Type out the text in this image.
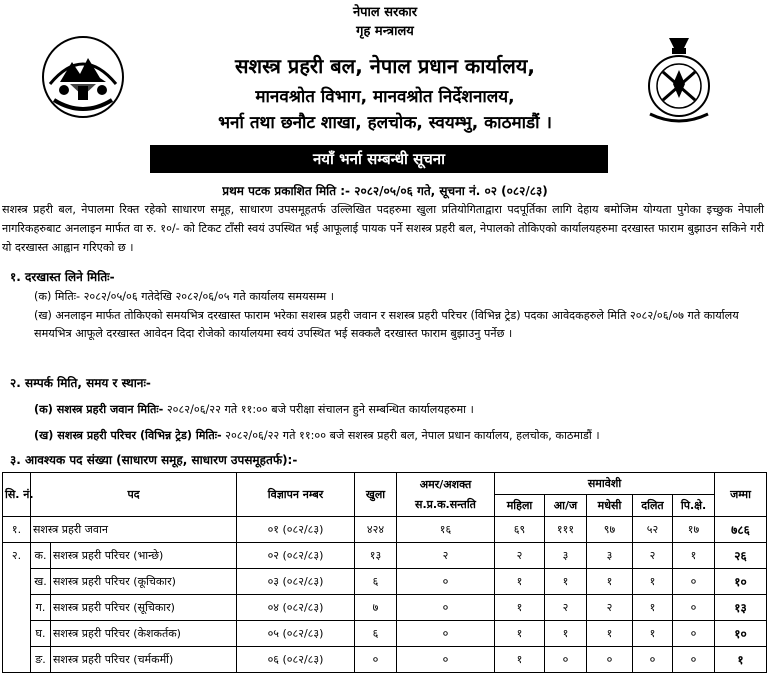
नेपाल सरकार
गृह मन्त्रालय
सशस्त्र प्रहरी बल, नेपाल प्रधान कार्यालय,
मानवश्रोत विभाग, मानवश्रोत निर्देशनालय,
भर्ना तथा छनौट शाखा, हलचोक, स्वयम्भु, काठमाडौं ।
नयाँ भर्ना सम्बन्धी सूचना
प्रथम पटक प्रकाशित मिति :- २०८२/०५/०६ गते, सूचना नं. ०२ (०८२/८३)
सशस्त्र प्रहरी बल, नेपालमा रिक्त रहेको साधारण समूह, साधारण उपसमूहतर्फ उल्लिखित पदहरुमा खुला प्रतियोगिताद्वारा पदपूर्तिका लागि देहाय बमोजिम योग्यता पुगेका इच्छुक नेपाली नागरिकहरुबाट अनलाइन मार्फत वा रु. १०/- को टिकट टाँसी स्वयं उपस्थित भई आफूलाई पायक पर्ने सशस्त्र प्रहरी बल, नेपालको तोकिएको कार्यालयहरुमा दरखास्त फाराम बुझाउन सकिने गरी यो दरखास्त आह्वान गरिएको छ ।
१. दरखास्त लिने मितिः-
(क) मितिः- २०८२/०५/०६ गतेदेखि २०८२/०६/०५ गते कार्यालय समयसम्म ।
(ख) अनलाइन मार्फत तोकिएको समयभित्र दरखास्त फाराम भरेका सशस्त्र प्रहरी जवान र सशस्त्र प्रहरी परिचर (विभिन्न ट्रेड) पदका आवेदकहरुले मिति २०८२/०६/०७ गते कार्यालय समयभित्र आफूले दरखास्त आवेदन दिदा रोजेको कार्यालयमा स्वयं उपस्थित भई सक्कलै दरखास्त फाराम बुझाउनु पर्नेछ ।
२. सम्पर्क मिति, समय र स्थानः-
(क) सशस्त्र प्रहरी जवान मितिः- २०८२/०६/२२ गते ११:०० बजे परीक्षा संचालन हुने सम्बन्धित कार्यालयहरुमा ।
(ख) सशस्त्र प्रहरी परिचर (विभिन्न ट्रेड) मितिः- २०८२/०६/२२ गते ११:०० बजे सशस्त्र प्रहरी बल, नेपाल प्रधान कार्यालय, हलचोक, काठमाडौं ।
३. आवश्यक पद संख्या (साधारण समूह, साधारण उपसमूहतर्फ):-
सि. नं.	पद		विज्ञापन नम्बर	खुला	अमर/अशक्त स.प्र.क.सन्तति	समावेशी					जम्मा
						महिला	आ/ज	मधेसी	दलित	पि.क्षे.	
१.	सशस्त्र प्रहरी जवान		०१ (०८२/८३)	४२४	१६	६९	१११	९७	५२	१७	७८६
२.	क.	सशस्त्र प्रहरी परिचर (भान्छे)	०२ (०८२/८३)	१३	२	२	३	३	२	१	२६
	ख.	सशस्त्र प्रहरी परिचर (कूचिकार)	०३ (०८२/८३)	६	०	१	१	१	१	०	१०
	ग.	सशस्त्र प्रहरी परिचर (सूचिकार)	०४ (०८२/८३)	७	०	१	२	२	१	०	१३
	घ.	सशस्त्र प्रहरी परिचर (केशकर्तक)	०५ (०८२/८३)	६	०	१	१	१	१	०	१०
	ङ.	सशस्त्र प्रहरी परिचर (चर्मकर्मी)	०६ (०८२/८३)	०	०	१	०	०	०	०	१
